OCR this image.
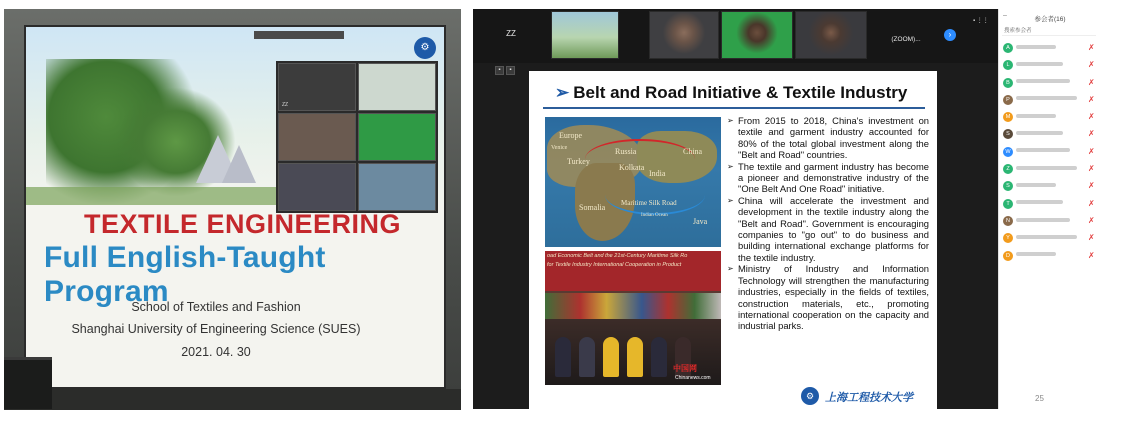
⚙
ZZ
TEXTILE ENGINEERING
Full English-Taught Program
School of Textiles and Fashion
Shanghai University of Engineering Science (SUES)
2021. 04. 30
ZZ
(ZOOM)...
›
▪ ⋮⋮
▪	▪
➢ Belt and Road Initiative & Textile Industry
Europe
Turkey
Venice	Russia	China
Kolkata
India
Somalia Maritime Silk Road
Indian Ocean
Java
oad Economic Belt and the 21st-Century Maritime Silk Ro
for Textile Industry International Cooperation in Product
中国网
Chinanews.com
➢ From 2015 to 2018, China's investment on textile and garment industry accounted for 80% of the total global investment along the "Belt and Road" countries.
➢ The textile and garment industry has become a pioneer and demonstrative industry of the "One Belt And One Road" initiative.
➢ China will accelerate the investment and development in the textile industry along the "Belt and Road". Government is encouraging companies to "go out" to do business and building international exchange platforms for the textile industry.
➢ Ministry of Industry and Information Technology will strengthen the manufacturing industries, especially in the fields of textiles, construction materials, etc., promoting international cooperation on the capacity and industrial parks.
⚙ 上海工程技术大学
–
参会者(16)
搜索参会者
A	✗
L	✗
B	✗
P	✗
M	✗
S	✗
W	✗
Z	✗
S	✗
T	✗
N	✗
Y	✗
D	✗
25
